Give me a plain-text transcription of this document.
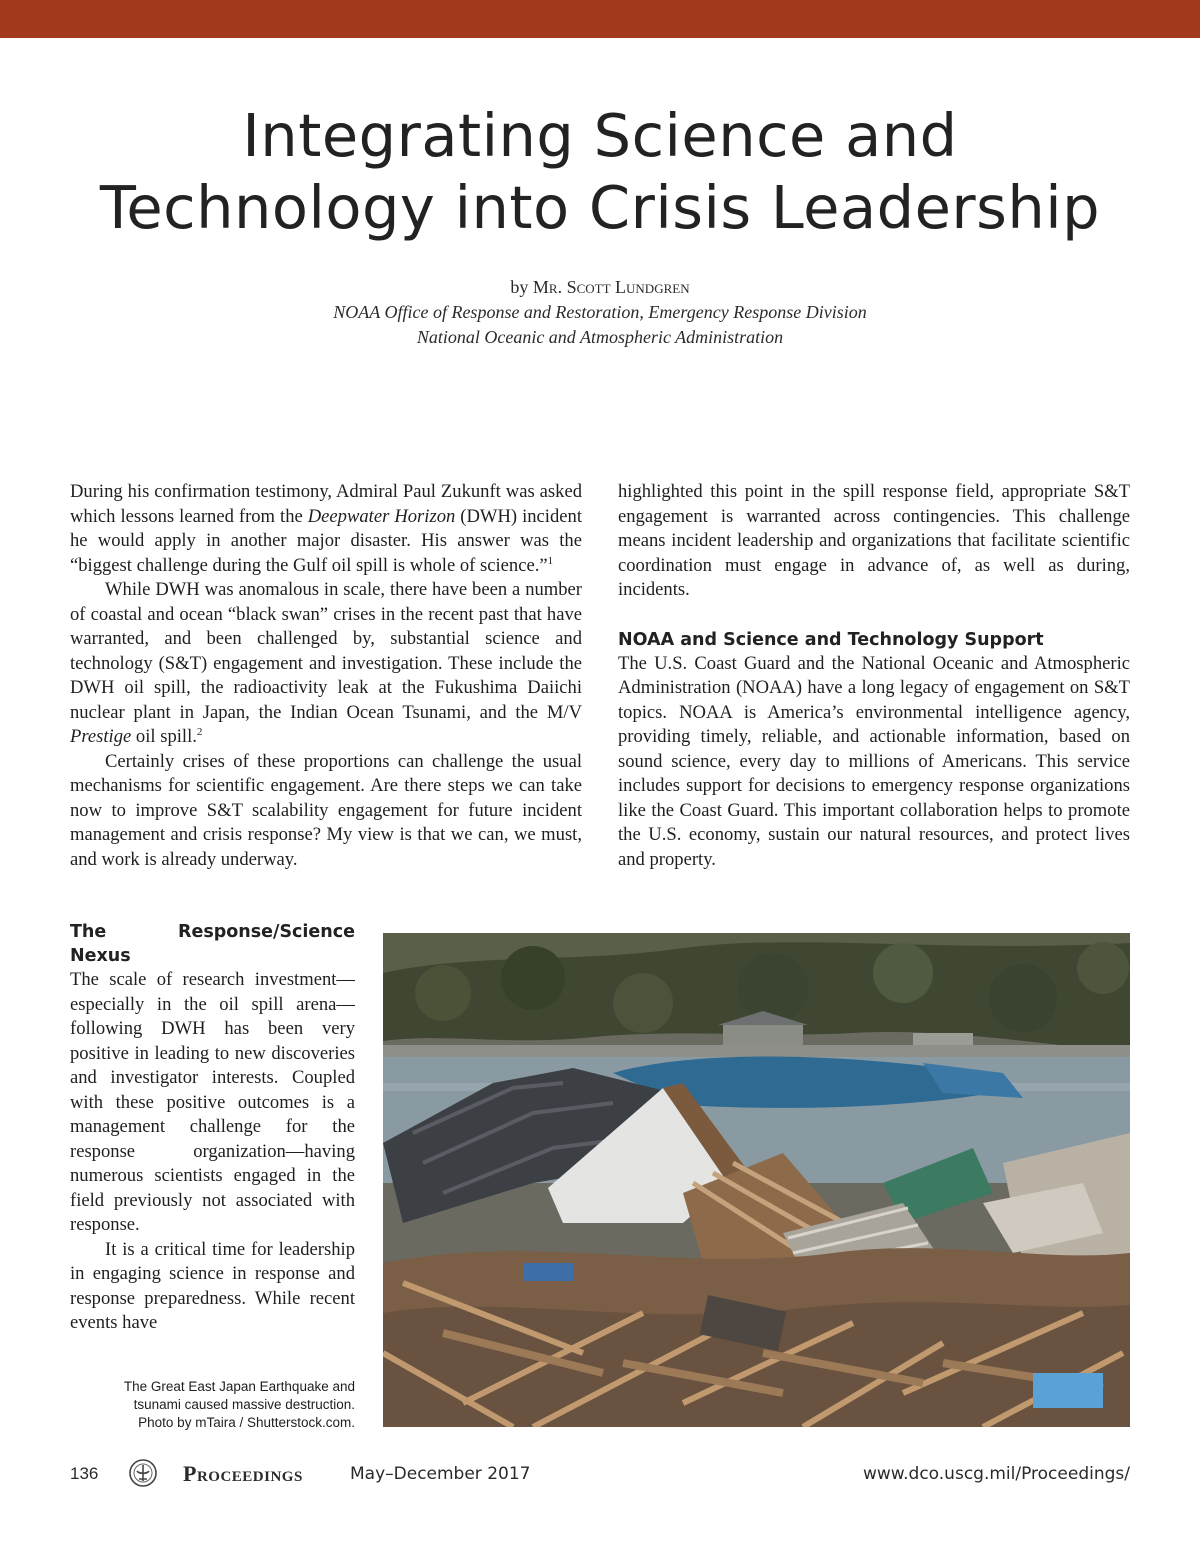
Integrating Science and
Technology into Crisis Leadership
by Mr. Scott Lundgren
NOAA Office of Response and Restoration, Emergency Response Division
National Oceanic and Atmospheric Administration

During his confirmation testimony, Admiral Paul Zukunft was asked which lessons learned from the Deepwater Horizon (DWH) incident he would apply in another major disaster. His answer was the “biggest challenge during the Gulf oil spill is whole of science.”$^1$

While DWH was anomalous in scale, there have been a number of coastal and ocean “black swan” crises in the recent past that have warranted, and been challenged by, substantial science and technology (S&T) engagement and investigation. These include the DWH oil spill, the radioactivity leak at the Fukushima Daiichi nuclear plant in Japan, the Indian Ocean Tsunami, and the M/V Prestige oil spill.$^2$

Certainly crises of these proportions can challenge the usual mechanisms for scientific engagement. Are there steps we can take now to improve S&T scalability engagement for future incident management and crisis response? My view is that we can, we must, and work is already underway.

The Response/Science Nexus

The scale of research investment—especially in the oil spill arena—following DWH has been very positive in leading to new discoveries and investigator interests. Coupled with these positive outcomes is a management challenge for the response organization—having numerous scientists engaged in the field previously not associated with response.

It is a critical time for leadership in engaging science in response and response preparedness. While recent events have

highlighted this point in the spill response field, appropriate S&T engagement is warranted across contingencies. This challenge means incident leadership and organizations that facilitate scientific coordination must engage in advance of, as well as during, incidents.

NOAA and Science and Technology Support

The U.S. Coast Guard and the National Oceanic and Atmospheric Administration (NOAA) have a long legacy of engagement on S&T topics. NOAA is America’s environmental intelligence agency, providing timely, reliable, and actionable information, based on sound science, every day to millions of Americans. This service includes support for decisions to emergency response organizations like the Coast Guard. This important collaboration helps to promote the U.S. economy, sustain our natural resources, and protect lives and property.

The Great East Japan Earthquake and
tsunami caused massive destruction.
Photo by mTaira / Shutterstock.com.
136	Proceedings	May–December 2017	www.dco.uscg.mil/Proceedings/
